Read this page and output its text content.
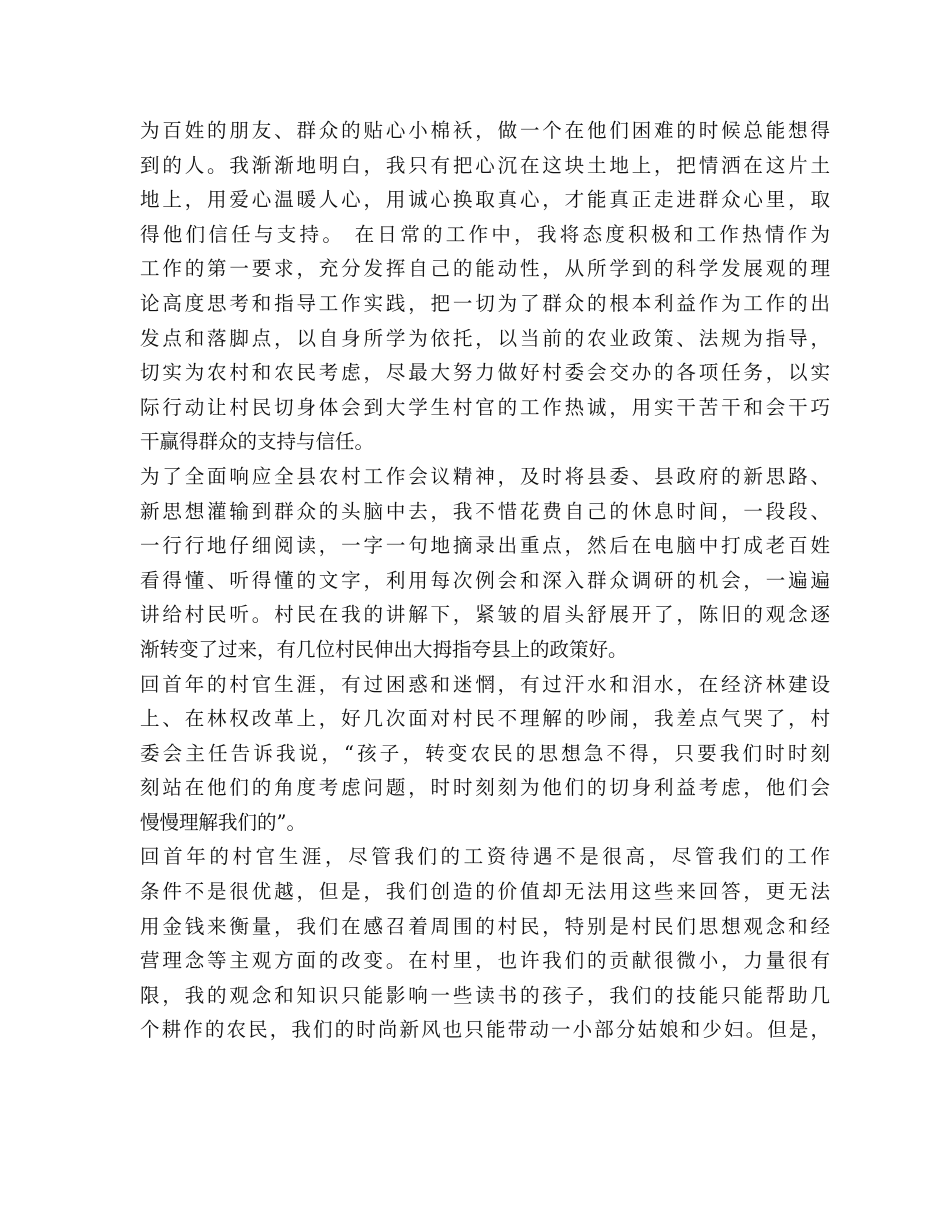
为百姓的朋友、群众的贴心小棉袄，做一个在他们困难的时候总能想得
到的人。我渐渐地明白，我只有把心沉在这块土地上，把情洒在这片土
地上，用爱心温暖人心，用诚心换取真心，才能真正走进群众心里，取
得他们信任与支持。 在日常的工作中，我将态度积极和工作热情作为
工作的第一要求，充分发挥自己的能动性，从所学到的科学发展观的理
论高度思考和指导工作实践，把一切为了群众的根本利益作为工作的出
发点和落脚点，以自身所学为依托，以当前的农业政策、法规为指导，
切实为农村和农民考虑，尽最大努力做好村委会交办的各项任务，以实
际行动让村民切身体会到大学生村官的工作热诚，用实干苦干和会干巧
干赢得群众的支持与信任。
为了全面响应全县农村工作会议精神，及时将县委、县政府的新思路、
新思想灌输到群众的头脑中去，我不惜花费自己的休息时间，一段段、
一行行地仔细阅读，一字一句地摘录出重点，然后在电脑中打成老百姓
看得懂、听得懂的文字，利用每次例会和深入群众调研的机会，一遍遍
讲给村民听。村民在我的讲解下，紧皱的眉头舒展开了，陈旧的观念逐
渐转变了过来，有几位村民伸出大拇指夸县上的政策好。
回首年的村官生涯，有过困惑和迷惘，有过汗水和泪水，在经济林建设
上、在林权改革上，好几次面对村民不理解的吵闹，我差点气哭了，村
委会主任告诉我说，“孩子，转变农民的思想急不得，只要我们时时刻
刻站在他们的角度考虑问题，时时刻刻为他们的切身利益考虑，他们会
慢慢理解我们的”。
回首年的村官生涯，尽管我们的工资待遇不是很高，尽管我们的工作
条件不是很优越，但是，我们创造的价值却无法用这些来回答，更无法
用金钱来衡量，我们在感召着周围的村民，特别是村民们思想观念和经
营理念等主观方面的改变。在村里，也许我们的贡献很微小，力量很有
限，我的观念和知识只能影响一些读书的孩子，我们的技能只能帮助几
个耕作的农民，我们的时尚新风也只能带动一小部分姑娘和少妇。但是，
